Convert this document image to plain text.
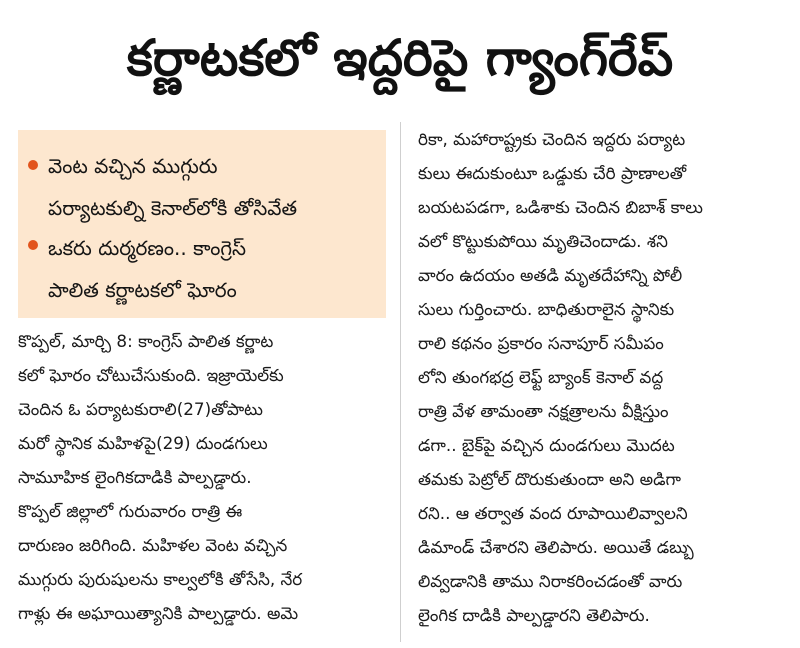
కర్ణాటకలో ఇద్దరిపై గ్యాంగ్‌రేప్
వెంట వచ్చిన ముగ్గురు
పర్యాటకుల్ని కెనాల్‌లోకి తోసివేత
ఒకరు దుర్మరణం.. కాంగ్రెస్
పాలిత కర్ణాటకలో ఘోరం
కొప్పల్, మార్చి 8: కాంగ్రెస్ పాలిత కర్ణాట
కలో ఘోరం చోటుచేసుకుంది. ఇజ్రాయెల్‌కు
చెందిన ఓ పర్యాటకురాలి(27)తోపాటు
మరో స్థానిక మహిళపై(29) దుండగులు
సామూహిక లైంగికదాడికి పాల్పడ్డారు.
కొప్పల్ జిల్లాలో గురువారం రాత్రి ఈ
దారుణం జరిగింది. మహిళల వెంట వచ్చిన
ముగ్గురు పురుషులను కాల్వలోకి తోసేసి, నేర
గాళ్లు ఈ అఘాయిత్యానికి పాల్పడ్డారు. అమె
రికా, మహారాష్ట్రకు చెందిన ఇద్దరు పర్యాట
కులు ఈదుకుంటూ ఒడ్డుకు చేరి ప్రాణాలతో
బయటపడగా, ఒడిశాకు చెందిన బిబాశ్ కాలు
వలో కొట్టుకుపోయి మృతిచెందాడు. శని
వారం ఉదయం అతడి మృతదేహాన్ని పోలీ
సులు గుర్తించారు. బాధితురాలైన స్థానికు
రాలి కథనం ప్రకారం సనాపూర్ సమీపం
లోని తుంగభద్ర లెఫ్ట్ బ్యాంక్ కెనాల్ వద్ద
రాత్రి వేళ తామంతా నక్షత్రాలను వీక్షిస్తుం
డగా.. బైక్‌పై వచ్చిన దుండగులు మొదట
తమకు పెట్రోల్ దొరుకుతుందా అని అడిగా
రని.. ఆ తర్వాత వంద రూపాయిలివ్వాలని
డిమాండ్ చేశారని తెలిపారు. అయితే డబ్బు
లివ్వడానికి తాము నిరాకరించడంతో వారు
లైంగిక దాడికి పాల్పడ్డారని తెలిపారు.
